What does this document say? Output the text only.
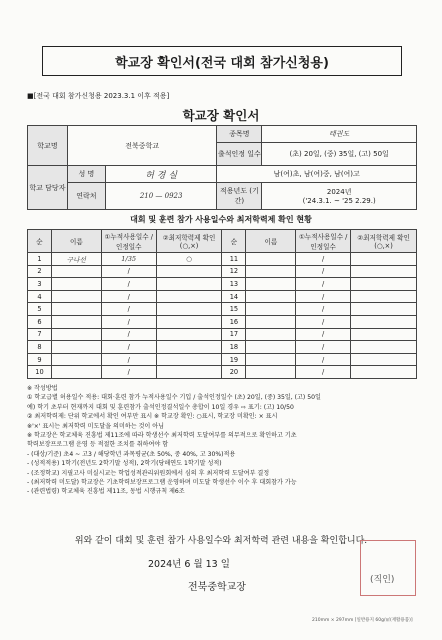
학교장 확인서(전국 대회 참가신청용)
■[전국 대회 참가신청용 2023.3.1 이후 적용]
학교장 확인서
학교명	전북중학교		종목명	태권도
			출석인정 일수	(초) 20일, (중) 35일, (고) 50일
학교 담당자	성 명	허 경 실	남(여)초, 남(여)중, 남(여)고	
	연락처	210 — 0923	적용년도 (기간)	2024년
('24.3.1. ~ '25 2.29.)
대회 및 훈련 참가 사용일수와 최저학력제 확인 현황
순	이름	①누적사용일수 /인정일수	②최저학력제 확인(○,×)	순	이름	①누적사용일수 /인정일수	②최저학력제 확인(○,×)
1	구나선	1/35	○	11		/	
2		/		12		/	
3		/		13		/	
4		/		14		/	
5		/		15		/	
6		/		16		/	
7		/		17		/	
8		/		18		/	
9		/		19		/	
10		/		20		/	
※ 작성방법
① 학교급별 허용일수 적용: 대회·훈련 참가 누적사용일수 기입 / 출석인정일수 (초) 20일, (중) 35일, (고) 50일
예) 학기 초부터 현재까지 대회 및 훈련참가 출석인정결석일수 총합이 10일 경우 ⇨ 표기: (고) 10/50
② 최저학력제: 단위 학교에서 확인 여부만 표시 ※ 학교장 확인: ○표시, 학교장 미확인: × 표시
※'×' 표시는 최저학력 미도달을 의미하는 것이 아님
※ 학교장은 학교체육 진흥법 제11조에 따라 학생선수 최저학력 도달여부를 의무적으로 확인하고 기초
학력보장프로그램 운영 등 적절한 조치를 취하여야 함
- (대상/기준) 초4 ~ 고3 / 해당학년 과목평균(초 50%, 중 40%, 고 30%)적용
- (성적적용) 1학기(전년도 2학기말 성적), 2학기(당해연도 1학기말 성적)
- (조정학교) 지필고사 미실시교는 학업성적관리위원회에서 심의 후 최저학력 도달여부 결정
- (최저학력 미도달) 학교장은 기초학력보장프로그램 운영하며 미도달 학생선수 이수 후 대회참가 가능
- (관련법령) 학교체육 진흥법 제11조, 동법 시행규칙 제6조
위와 같이 대회 및 훈련 참가 사용일수와 최저학력 관련 내용을 확인합니다.
2024년 6 월 13 일
전북중학교장
(직인)
210mm × 297mm [일반용지 60g/㎡(재활용품)]
